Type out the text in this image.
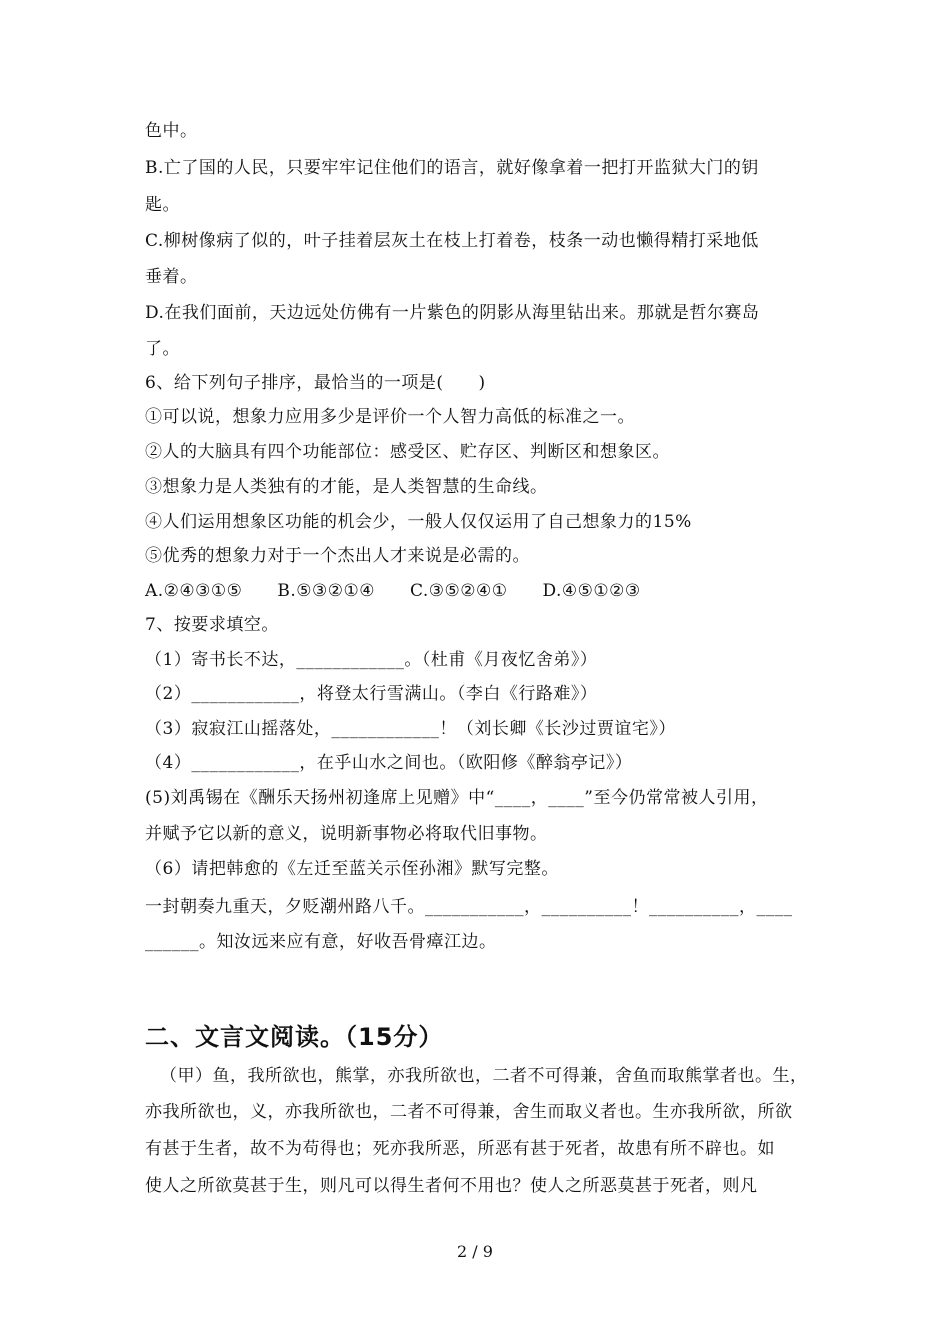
色中。
B.亡了国的人民，只要牢牢记住他们的语言，就好像拿着一把打开监狱大门的钥
匙。
C.柳树像病了似的，叶子挂着层灰土在枝上打着卷，枝条一动也懒得精打采地低
垂着。
D.在我们面前，天边远处仿佛有一片紫色的阴影从海里钻出来。那就是哲尔赛岛
了。
6、给下列句子排序，最恰当的一项是(　　)
①可以说，想象力应用多少是评价一个人智力高低的标准之一。
②人的大脑具有四个功能部位：感受区、贮存区、判断区和想象区。
③想象力是人类独有的才能，是人类智慧的生命线。
④人们运用想象区功能的机会少，一般人仅仅运用了自己想象力的15%
⑤优秀的想象力对于一个杰出人才来说是必需的。
A.②④③①⑤　　B.⑤③②①④　　C.③⑤②④①　　D.④⑤①②③
7、按要求填空。
（1）寄书长不达，____________。（杜甫《月夜忆舍弟》）
（2）____________，将登太行雪满山。（李白《行路难》）
（3）寂寂江山摇落处，____________！（刘长卿《长沙过贾谊宅》）
（4）____________，在乎山水之间也。（欧阳修《醉翁亭记》）
(5)刘禹锡在《酬乐天扬州初逢席上见赠》中“____，____”至今仍常常被人引用，
并赋予它以新的意义，说明新事物必将取代旧事物。
（6）请把韩愈的《左迁至蓝关示侄孙湘》默写完整。
一封朝奏九重天，夕贬潮州路八千。___________，__________！__________，____
______。知汝远来应有意，好收吾骨瘴江边。
二、文言文阅读。（15分）
（甲）鱼，我所欲也，熊掌，亦我所欲也，二者不可得兼，舍鱼而取熊掌者也。生，
亦我所欲也，义，亦我所欲也，二者不可得兼，舍生而取义者也。生亦我所欲，所欲
有甚于生者，故不为苟得也；死亦我所恶，所恶有甚于死者，故患有所不辟也。如
使人之所欲莫甚于生，则凡可以得生者何不用也？使人之所恶莫甚于死者，则凡
2 / 9
